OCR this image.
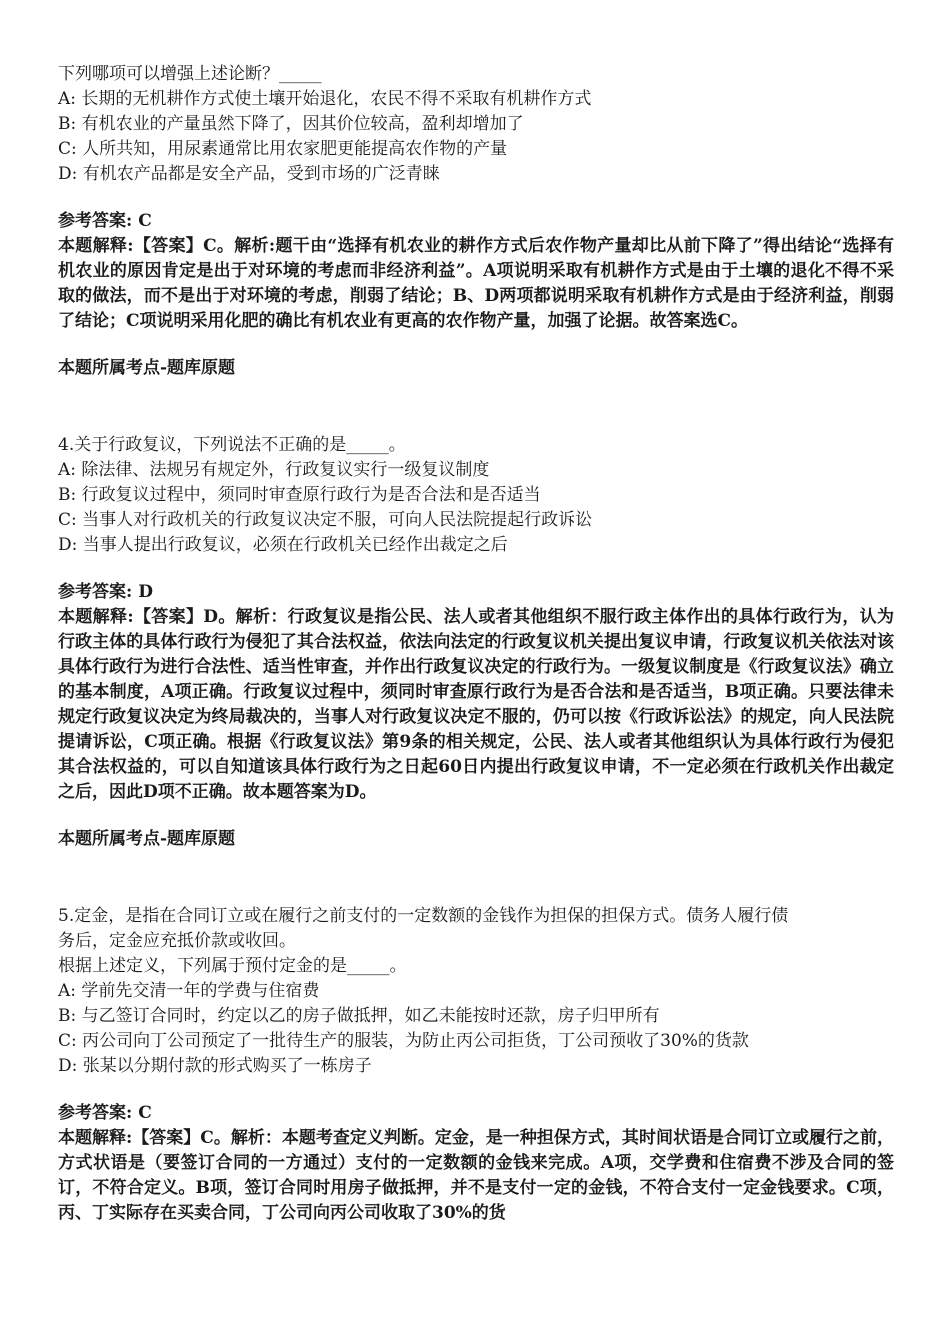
下列哪项可以增强上述论断？_____
A: 长期的无机耕作方式使土壤开始退化，农民不得不采取有机耕作方式
B: 有机农业的产量虽然下降了，因其价位较高，盈利却增加了
C: 人所共知，用尿素通常比用农家肥更能提高农作物的产量
D: 有机农产品都是安全产品，受到市场的广泛青睐
参考答案: C
本题解释:【答案】C。解析:题干由“选择有机农业的耕作方式后农作物产量却比从前下降了”得出结论“选择有机农业的原因肯定是出于对环境的考虑而非经济利益”。A项说明采取有机耕作方式是由于土壤的退化不得不采取的做法，而不是出于对环境的考虑，削弱了结论；B、D两项都说明采取有机耕作方式是由于经济利益，削弱了结论；C项说明采用化肥的确比有机农业有更高的农作物产量，加强了论据。故答案选C。
本题所属考点-题库原题
4.关于行政复议，下列说法不正确的是_____。
A: 除法律、法规另有规定外，行政复议实行一级复议制度
B: 行政复议过程中，须同时审查原行政行为是否合法和是否适当
C: 当事人对行政机关的行政复议决定不服，可向人民法院提起行政诉讼
D: 当事人提出行政复议，必须在行政机关已经作出裁定之后
参考答案: D
本题解释:【答案】D。解析：行政复议是指公民、法人或者其他组织不服行政主体作出的具体行政行为，认为行政主体的具体行政行为侵犯了其合法权益，依法向法定的行政复议机关提出复议申请，行政复议机关依法对该具体行政行为进行合法性、适当性审查，并作出行政复议决定的行政行为。一级复议制度是《行政复议法》确立的基本制度，A项正确。行政复议过程中，须同时审查原行政行为是否合法和是否适当，B项正确。只要法律未规定行政复议决定为终局裁决的，当事人对行政复议决定不服的，仍可以按《行政诉讼法》的规定，向人民法院提请诉讼，C项正确。根据《行政复议法》第9条的相关规定，公民、法人或者其他组织认为具体行政行为侵犯其合法权益的，可以自知道该具体行政行为之日起60日内提出行政复议申请，不一定必须在行政机关作出裁定之后，因此D项不正确。故本题答案为D。
本题所属考点-题库原题
5.定金，是指在合同订立或在履行之前支付的一定数额的金钱作为担保的担保方式。债务人履行债
务后，定金应充抵价款或收回。
根据上述定义，下列属于预付定金的是_____。
A: 学前先交清一年的学费与住宿费
B: 与乙签订合同时，约定以乙的房子做抵押，如乙未能按时还款，房子归甲所有
C: 丙公司向丁公司预定了一批待生产的服装，为防止丙公司拒货，丁公司预收了30%的货款
D: 张某以分期付款的形式购买了一栋房子
参考答案: C
本题解释:【答案】C。解析：本题考查定义判断。定金，是一种担保方式，其时间状语是合同订立或履行之前，方式状语是（要签订合同的一方通过）支付的一定数额的金钱来完成。A项，交学费和住宿费不涉及合同的签订，不符合定义。B项，签订合同时用房子做抵押，并不是支付一定的金钱，不符合支付一定金钱要求。C项，丙、丁实际存在买卖合同，丁公司向丙公司收取了30%的货
